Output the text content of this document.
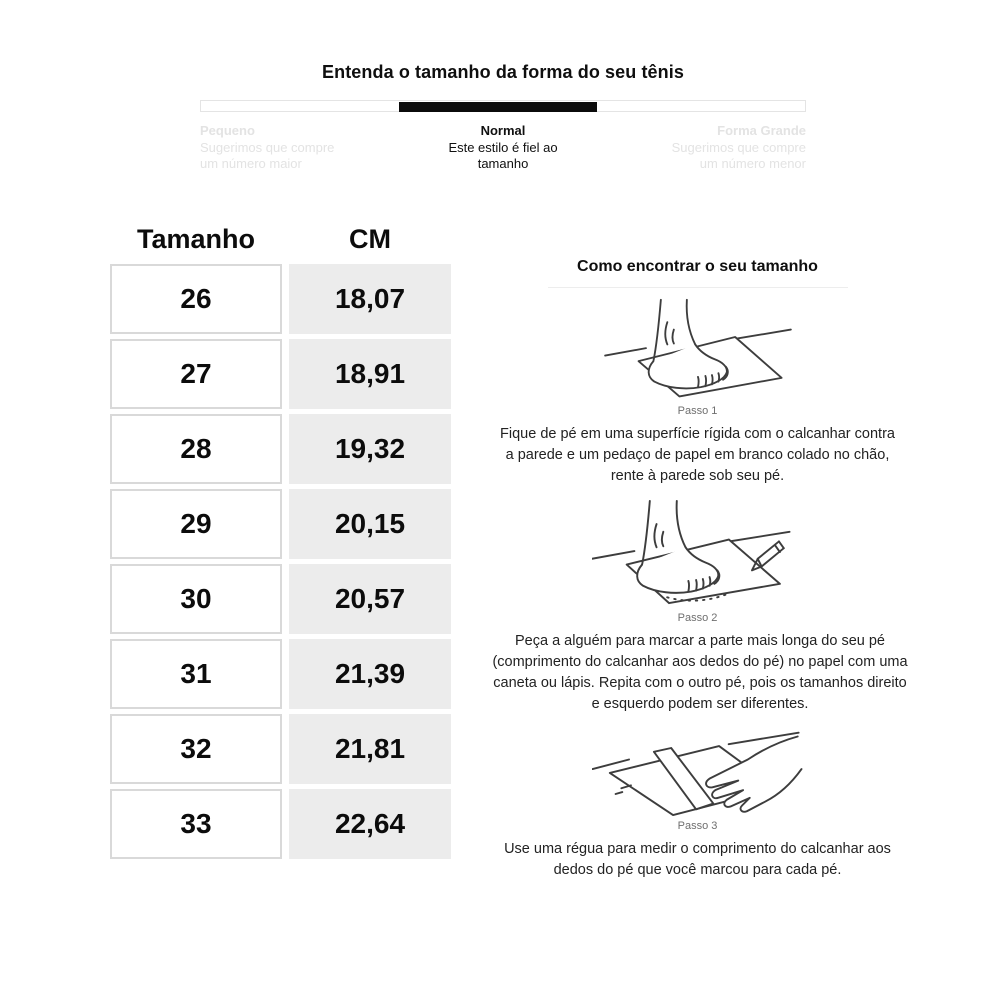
Entenda o tamanho da forma do seu tênis
Pequeno
Sugerimos que compre
um número maior
Normal
Este estilo é fiel ao
tamanho
Forma Grande
Sugerimos que compre
um número menor
Tamanho	CM
26	18,07
27	18,91
28	19,32
29	20,15
30	20,57
31	21,39
32	21,81
33	22,64
Como encontrar o seu tamanho
Passo 1

Fique de pé em uma superfície rígida com o calcanhar contra a parede e um pedaço de papel em branco colado no chão, rente à parede sob seu pé.

Passo 2

Peça a alguém para marcar a parte mais longa do seu pé (comprimento do calcanhar aos dedos do pé) no papel com uma caneta ou lápis. Repita com o outro pé, pois os tamanhos direito e esquerdo podem ser diferentes.

Passo 3

Use uma régua para medir o comprimento do calcanhar aos dedos do pé que você marcou para cada pé.
